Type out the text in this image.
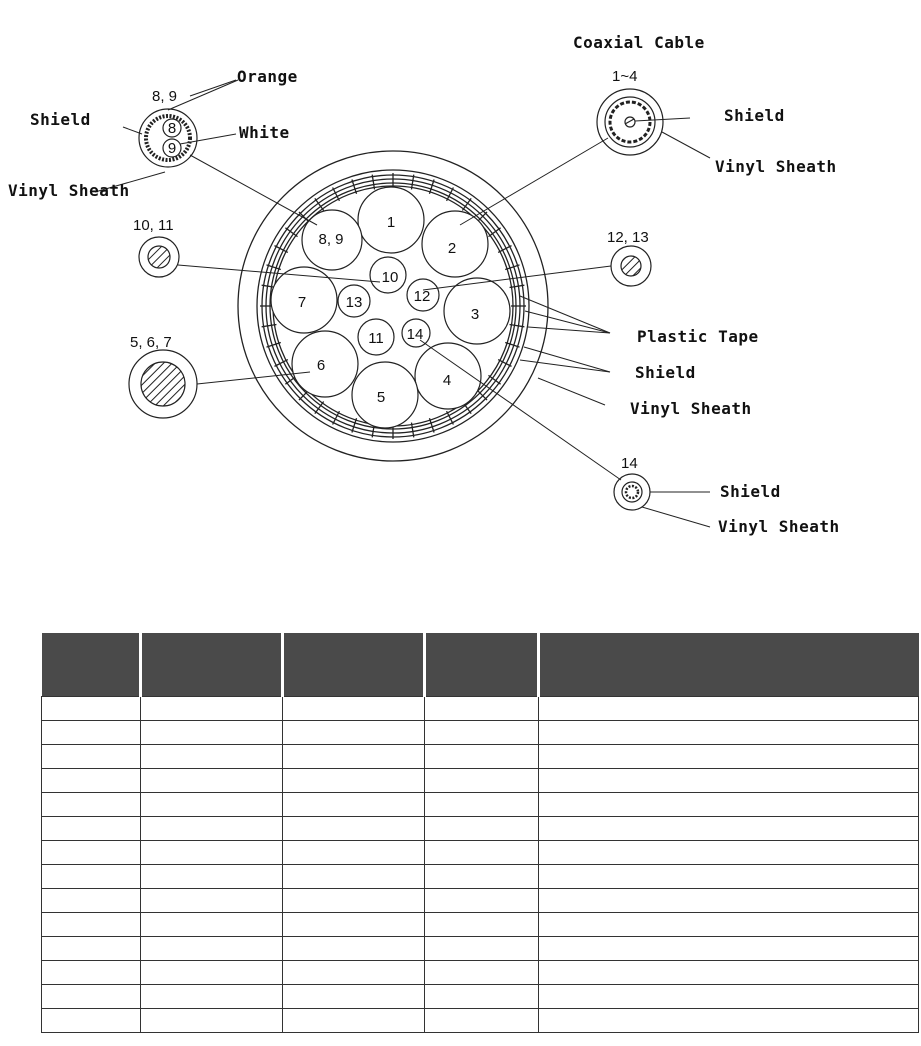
1
2
3
4
5
6
7
8, 9
10
11
12
13
14
8
9
Coaxial Cable
1~4
Shield
Vinyl Sheath
Orange
8, 9
White
Shield
Vinyl Sheath
10, 11
12, 13
5, 6, 7	Plastic Tape
Shield
Vinyl Sheath
14
Shield
Vinyl Sheath
